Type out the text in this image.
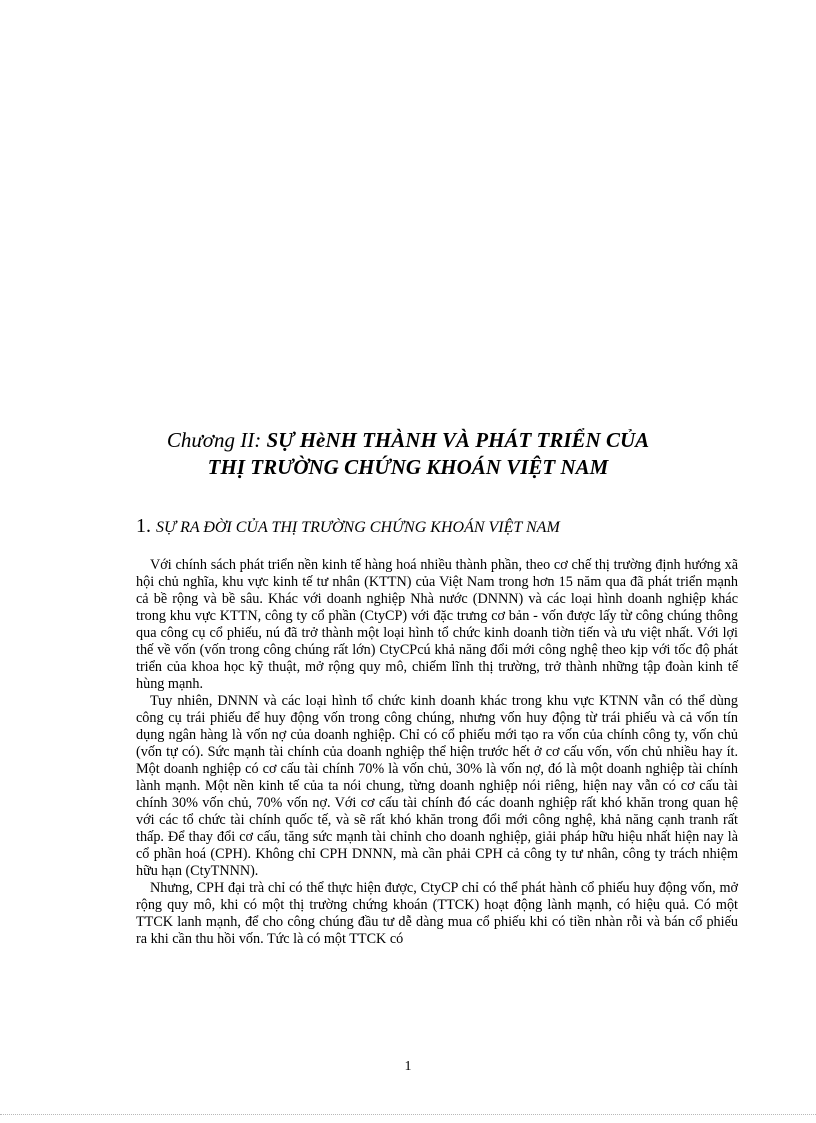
Chương II: SỰ HèNH THÀNH VÀ PHÁT TRIỂN CỦA
THỊ TRƯỜNG CHỨNG KHOÁN VIỆT NAM
1. SỰ RA ĐỜI CỦA THỊ TRƯỜNG CHỨNG KHOÁN VIỆT NAM

Với chính sách phát triển nền kinh tế hàng hoá nhiều thành phần, theo cơ chế thị trường định hướng xã hội chủ nghĩa, khu vực kinh tế tư nhân (KTTN) của Việt Nam trong hơn 15 năm qua đã phát triển mạnh cả bề rộng và bề sâu. Khác với doanh nghiệp Nhà nước (DNNN) và các loại hình doanh nghiệp khác trong khu vực KTTN, công ty cổ phần (CtyCP) với đặc trưng cơ bản - vốn được lấy từ công chúng thông qua công cụ cổ phiếu, nú đã trở thành một loại hình tổ chức kinh doanh tiờn tiến và ưu việt nhất. Với lợi thế về vốn (vốn trong công chúng rất lớn) CtyCPcú khả năng đổi mới công nghệ theo kịp với tốc độ phát triển của khoa học kỹ thuật, mở rộng quy mô, chiếm lĩnh thị trường, trở thành những tập đoàn kinh tế hùng mạnh.

Tuy nhiên, DNNN và các loại hình tổ chức kinh doanh khác trong khu vực KTNN vẫn có thể dùng công cụ trái phiếu để huy động vốn trong công chúng, nhưng vốn huy động từ trái phiếu và cả vốn tín dụng ngân hàng là vốn nợ của doanh nghiệp. Chỉ có cổ phiếu mới tạo ra vốn của chính công ty, vốn chủ (vốn tự có). Sức mạnh tài chính của doanh nghiệp thể hiện trước hết ở cơ cấu vốn, vốn chủ nhiều hay ít. Một doanh nghiệp có cơ cấu tài chính 70% là vốn chủ, 30% là vốn nợ, đó là một doanh nghiệp tài chính lành mạnh. Một nền kinh tế của ta nói chung, từng doanh nghiệp nói riêng, hiện nay vẫn có cơ cấu tài chính 30% vốn chủ, 70% vốn nợ. Với cơ cấu tài chính đó các doanh nghiệp rất khó khăn trong quan hệ với các tổ chức tài chính quốc tế, và sẽ rất khó khăn trong đổi mới công nghệ, khả năng cạnh tranh rất thấp. Để thay đổi cơ cấu, tăng sức mạnh tài chỉnh cho doanh nghiệp, giải pháp hữu hiệu nhất hiện nay là cổ phần hoá (CPH). Không chỉ CPH DNNN, mà cần phải CPH cả công ty tư nhân, công ty trách nhiệm hữu hạn (CtyTNNN).

Nhưng, CPH đại trà chỉ có thể thực hiện được, CtyCP chỉ có thể phát hành cổ phiếu huy động vốn, mở rộng quy mô, khi có một thị trường chứng khoán (TTCK) hoạt động lành mạnh, có hiệu quả. Có một TTCK lanh mạnh, để cho công chúng đầu tư dễ dàng mua cổ phiếu khi có tiền nhàn rỗi và bán cổ phiếu ra khi cần thu hồi vốn. Tức là có một TTCK có

1
